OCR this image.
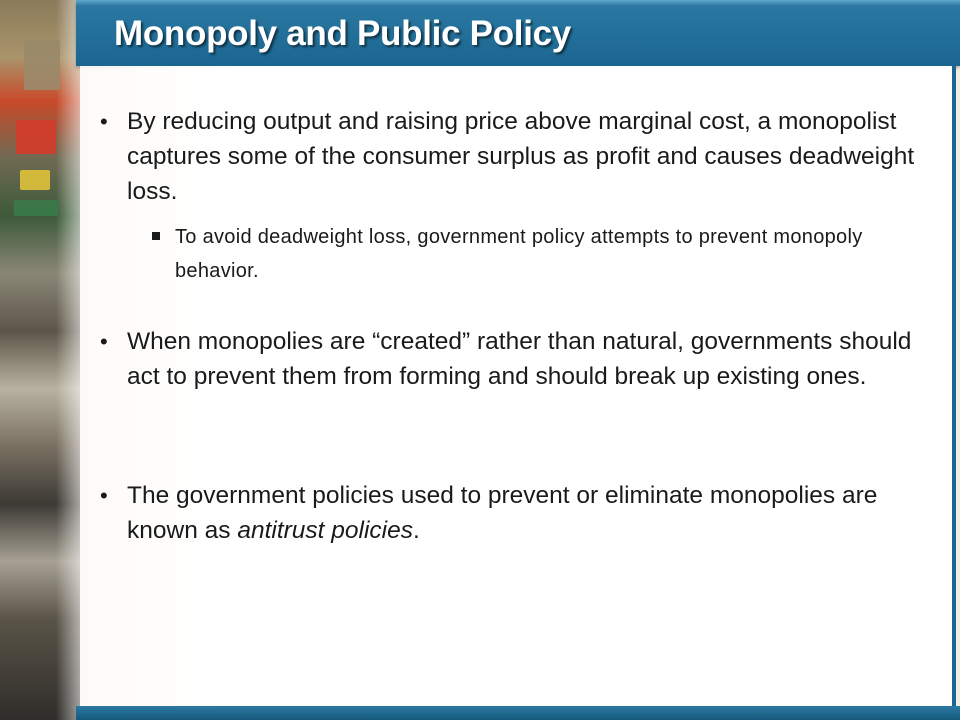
Monopoly and Public Policy
• By reducing output and raising price above marginal cost, a monopolist captures some of the consumer surplus as profit and causes deadweight loss.
To avoid deadweight loss, government policy attempts to prevent monopoly behavior.
• When monopolies are “created” rather than natural, governments should act to prevent them from forming and should break up existing ones.
• The government policies used to prevent or eliminate monopolies are known as antitrust policies.
